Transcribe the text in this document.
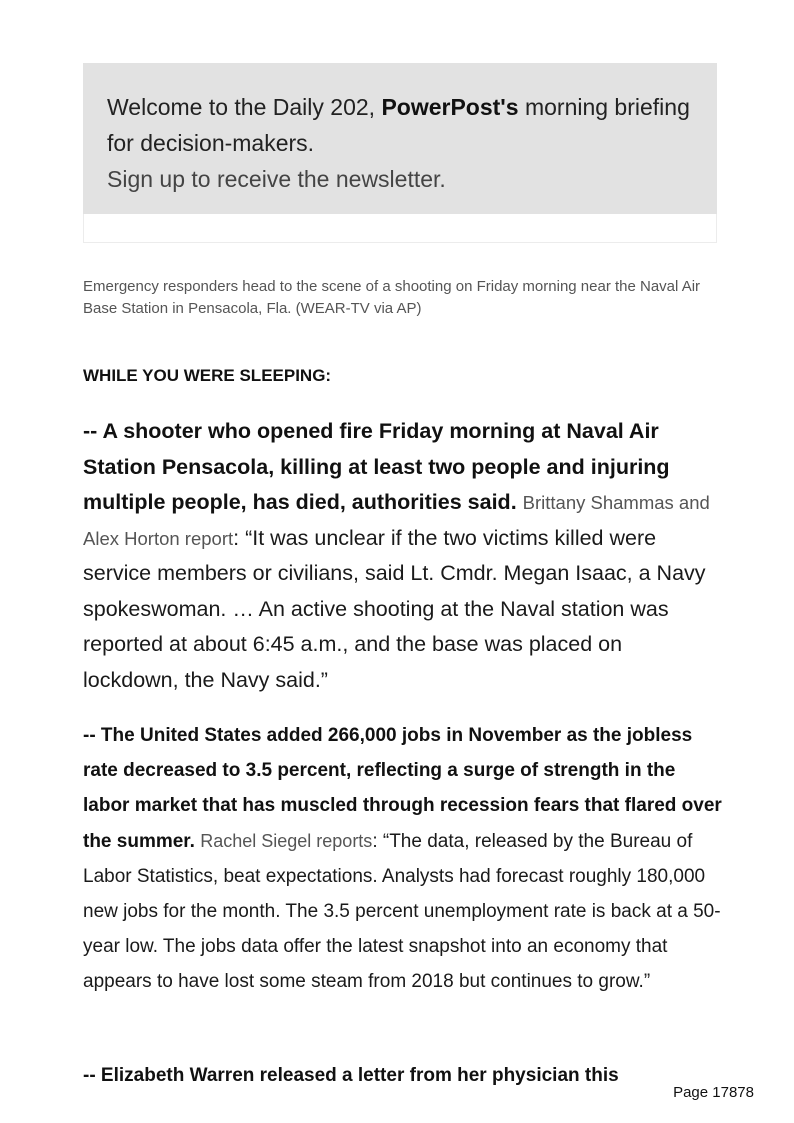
Welcome to the Daily 202, PowerPost's morning briefing for decision-makers.
Sign up to receive the newsletter.
Emergency responders head to the scene of a shooting on Friday morning near the Naval Air Base Station in Pensacola, Fla. (WEAR-TV via AP)
WHILE YOU WERE SLEEPING:
-- A shooter who opened fire Friday morning at Naval Air Station Pensacola, killing at least two people and injuring multiple people, has died, authorities said. Brittany Shammas and Alex Horton report: “It was unclear if the two victims killed were service members or civilians, said Lt. Cmdr. Megan Isaac, a Navy spokeswoman. … An active shooting at the Naval station was reported at about 6:45 a.m., and the base was placed on lockdown, the Navy said.”
-- The United States added 266,000 jobs in November as the jobless rate decreased to 3.5 percent, reflecting a surge of strength in the labor market that has muscled through recession fears that flared over the summer. Rachel Siegel reports: “The data, released by the Bureau of Labor Statistics, beat expectations. Analysts had forecast roughly 180,000 new jobs for the month. The 3.5 percent unemployment rate is back at a 50-year low. The jobs data offer the latest snapshot into an economy that appears to have lost some steam from 2018 but continues to grow.”
-- Elizabeth Warren released a letter from her physician this
Page 17878
